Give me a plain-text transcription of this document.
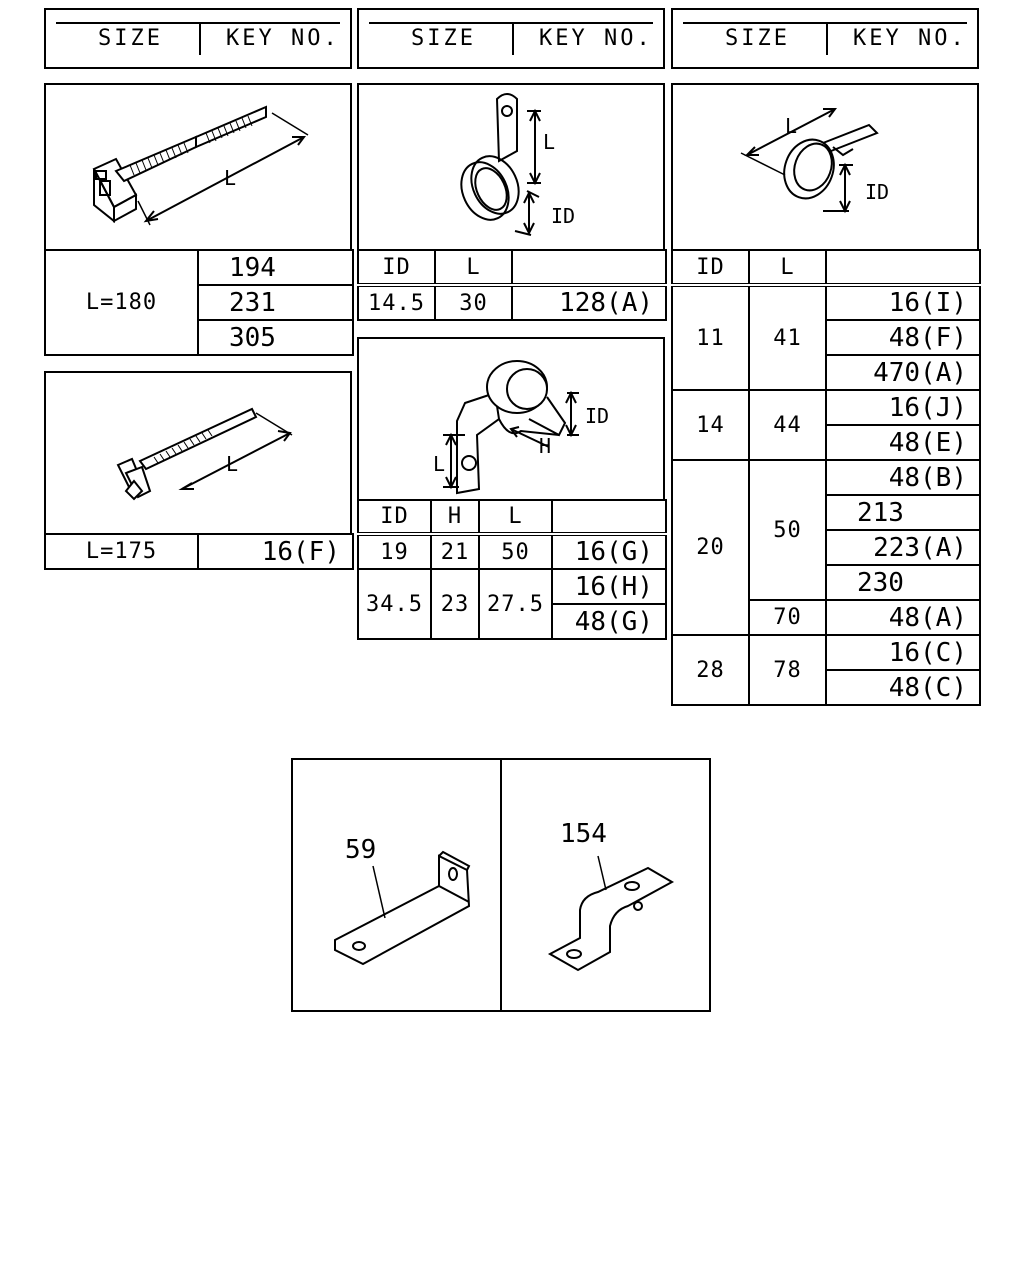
SIZE	KEY NO.	SIZE	KEY NO.	SIZE	KEY NO.
L
L=180	194
231
305
L
L=175	16(F)
L
ID
ID	L	
14.5	30	128(A)
ID
H
L
ID	H	L	
19	21	50	16(G)
34.5	23	27.5	16(H)
			48(G)
L
ID
ID	L	
11	41	16(I)
		48(F)
		470(A)
14	44	16(J)
		48(E)
20	50	48(B)
		213
		223(A)
		230
	70	48(A)
28	78	16(C)
		48(C)
59
154
